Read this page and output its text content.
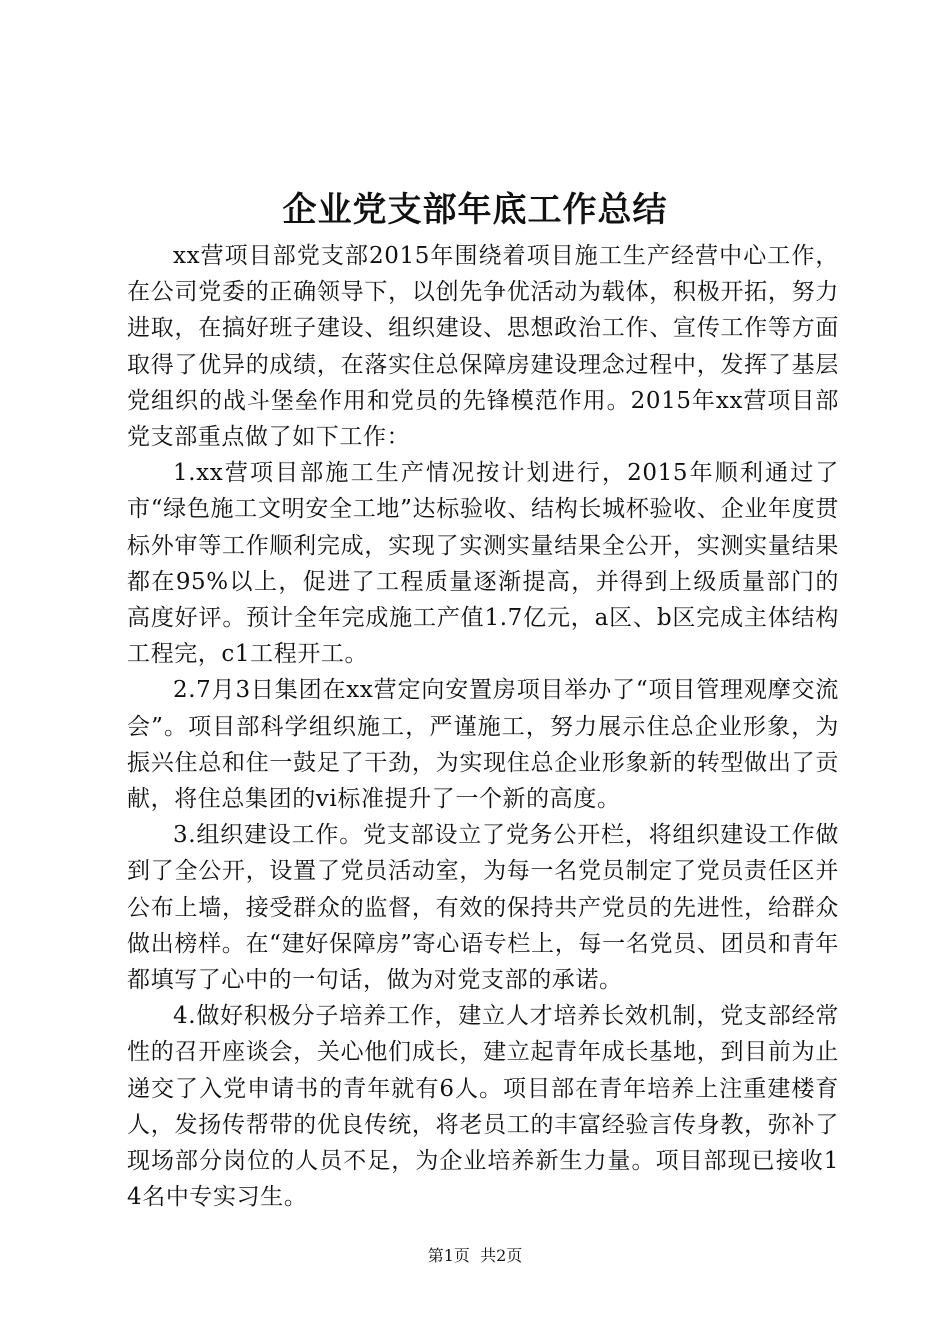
企业党支部年底工作总结

xx营项目部党支部2015年围绕着项目施工生产经营中心工作，在公司党委的正确领导下，以创先争优活动为载体，积极开拓，努力进取，在搞好班子建设、组织建设、思想政治工作、宣传工作等方面取得了优异的成绩，在落实住总保障房建设理念过程中，发挥了基层党组织的战斗堡垒作用和党员的先锋模范作用。2015年xx营项目部党支部重点做了如下工作：

1.xx营项目部施工生产情况按计划进行，2015年顺利通过了市“绿色施工文明安全工地”达标验收、结构长城杯验收、企业年度贯标外审等工作顺利完成，实现了实测实量结果全公开，实测实量结果都在95%以上，促进了工程质量逐渐提高，并得到上级质量部门的高度好评。预计全年完成施工产值1.7亿元，a区、b区完成主体结构工程完，c1工程开工。

2.7月3日集团在xx营定向安置房项目举办了“项目管理观摩交流会”。项目部科学组织施工，严谨施工，努力展示住总企业形象，为振兴住总和住一鼓足了干劲，为实现住总企业形象新的转型做出了贡献，将住总集团的vi标准提升了一个新的高度。

3.组织建设工作。党支部设立了党务公开栏，将组织建设工作做到了全公开，设置了党员活动室，为每一名党员制定了党员责任区并公布上墙，接受群众的监督，有效的保持共产党员的先进性，给群众做出榜样。在“建好保障房”寄心语专栏上，每一名党员、团员和青年都填写了心中的一句话，做为对党支部的承诺。

4.做好积极分子培养工作，建立人才培养长效机制，党支部经常性的召开座谈会，关心他们成长，建立起青年成长基地，到目前为止递交了入党申请书的青年就有6人。项目部在青年培养上注重建楼育人，发扬传帮带的优良传统，将老员工的丰富经验言传身教，弥补了现场部分岗位的人员不足，为企业培养新生力量。项目部现已接收14名中专实习生。

第1页 共2页
